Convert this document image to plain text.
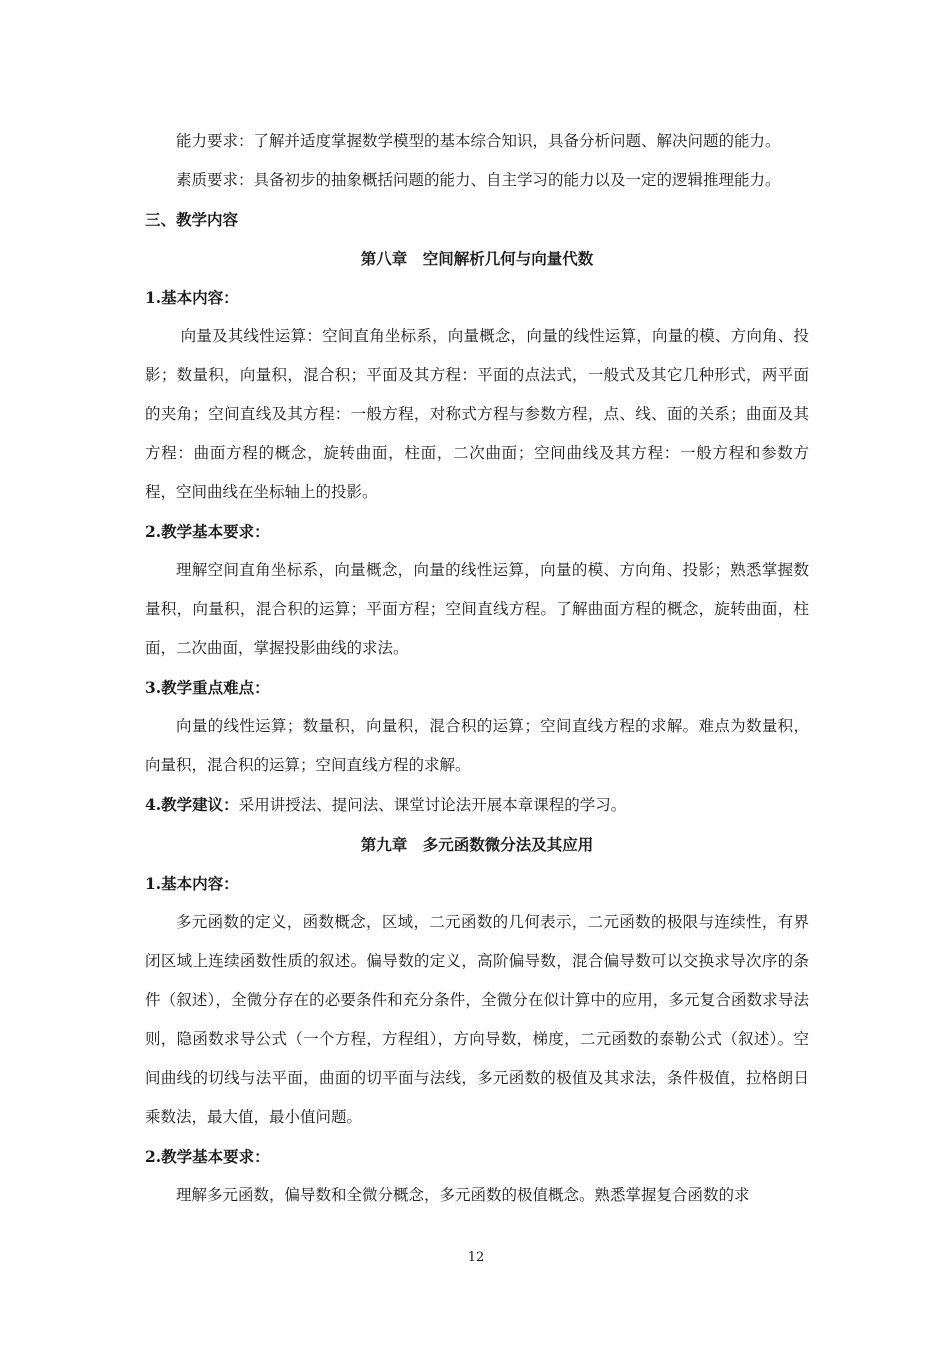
能力要求：了解并适度掌握数学模型的基本综合知识，具备分析问题、解决问题的能力。

素质要求：具备初步的抽象概括问题的能力、自主学习的能力以及一定的逻辑推理能力。

三、教学内容

第八章　空间解析几何与向量代数

1.基本内容：

向量及其线性运算：空间直角坐标系，向量概念，向量的线性运算，向量的模、方向角、投影；数量积，向量积，混合积；平面及其方程：平面的点法式，一般式及其它几种形式，两平面的夹角；空间直线及其方程：一般方程，对称式方程与参数方程，点、线、面的关系；曲面及其方程：曲面方程的概念，旋转曲面，柱面，二次曲面；空间曲线及其方程：一般方程和参数方程，空间曲线在坐标轴上的投影。

2.教学基本要求：

理解空间直角坐标系，向量概念，向量的线性运算，向量的模、方向角、投影；熟悉掌握数量积，向量积，混合积的运算；平面方程；空间直线方程。了解曲面方程的概念，旋转曲面，柱面，二次曲面，掌握投影曲线的求法。

3.教学重点难点：

向量的线性运算；数量积，向量积，混合积的运算；空间直线方程的求解。难点为数量积，向量积，混合积的运算；空间直线方程的求解。

4.教学建议：采用讲授法、提问法、课堂讨论法开展本章课程的学习。

第九章　多元函数微分法及其应用

1.基本内容：

多元函数的定义，函数概念，区域，二元函数的几何表示，二元函数的极限与连续性，有界闭区域上连续函数性质的叙述。偏导数的定义，高阶偏导数，混合偏导数可以交换求导次序的条件（叙述），全微分存在的必要条件和充分条件，全微分在似计算中的应用，多元复合函数求导法则，隐函数求导公式（一个方程，方程组），方向导数，梯度，二元函数的泰勒公式（叙述）。空间曲线的切线与法平面，曲面的切平面与法线，多元函数的极值及其求法，条件极值，拉格朗日乘数法，最大值，最小值问题。

2.教学基本要求：

理解多元函数，偏导数和全微分概念，多元函数的极值概念。熟悉掌握复合函数的求

12
